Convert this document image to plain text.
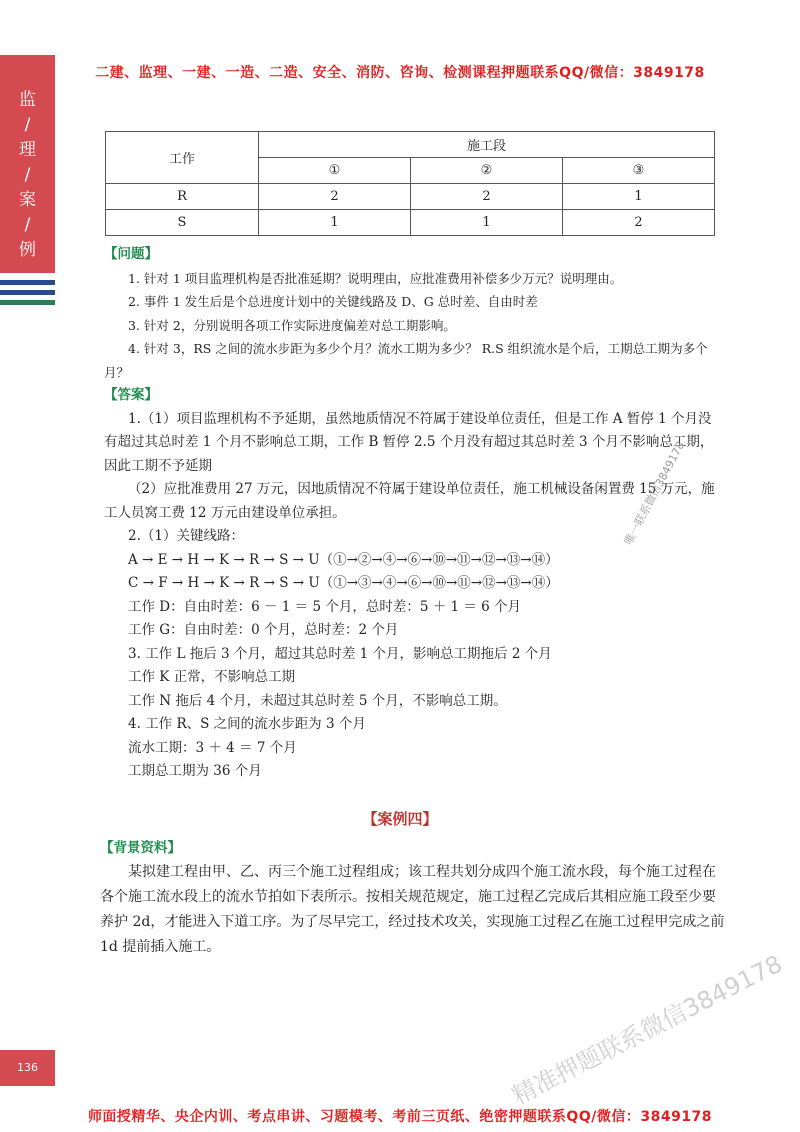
二建、监理、一建、一造、二造、安全、消防、咨询、检测课程押题联系QQ/微信：3849178
监
/
理
/
案
/
例
136
工作	施工段		
	①	②	③
R	2	2	1
S	1	1	2

【问题】

1. 针对 1 项目监理机构是否批准延期？说明理由，应批准费用补偿多少万元？说明理由。

2. 事件 1 发生后是个总进度计划中的关键线路及 D、G 总时差、自由时差

3. 针对 2，分别说明各项工作实际进度偏差对总工期影响。

4. 针对 3，RS 之间的流水步距为多少个月？流水工期为多少？ R.S 组织流水是个后，工期总工期为多个月？

【答案】

1.（1）项目监理机构不予延期，虽然地质情况不符属于建设单位责任，但是工作 A 暂停 1 个月没有超过其总时差 1 个月不影响总工期，工作 B 暂停 2.5 个月没有超过其总时差 3 个月不影响总工期，因此工期不予延期

（2）应批准费用 27 万元，因地质情况不符属于建设单位责任，施工机械设备闲置费 15 万元，施工人员窝工费 12 万元由建设单位承担。

2.（1）关键线路：

A → E → H → K → R → S → U（①→②→④→⑥→⑩→⑪→⑫→⑬→⑭）

C → F → H → K → R → S → U（①→③→④→⑥→⑩→⑪→⑫→⑬→⑭）

工作 D：自由时差：6 － 1 ＝ 5 个月，总时差：5 ＋ 1 ＝ 6 个月

工作 G：自由时差：0 个月，总时差：2 个月

3. 工作 L 拖后 3 个月，超过其总时差 1 个月，影响总工期拖后 2 个月

工作 K 正常，不影响总工期

工作 N 拖后 4 个月，未超过其总时差 5 个月，不影响总工期。

4. 工作 R、S 之间的流水步距为 3 个月

流水工期：3 ＋ 4 ＝ 7 个月

工期总工期为 36 个月

【案例四】
【背景资料】
某拟建工程由甲、乙、丙三个施工过程组成；该工程共划分成四个施工流水段，每个施工过程在各个施工流水段上的流水节拍如下表所示。按相关规范规定，施工过程乙完成后其相应施工段至少要养护 2d，才能进入下道工序。为了尽早完工，经过技术攻关，实现施工过程乙在施工过程甲完成之前 1d 提前插入施工。
唯一联系微信3849178
精准押题联系微信3849178
师面授精华、央企内训、考点串讲、习题模考、考前三页纸、绝密押题联系QQ/微信：3849178
